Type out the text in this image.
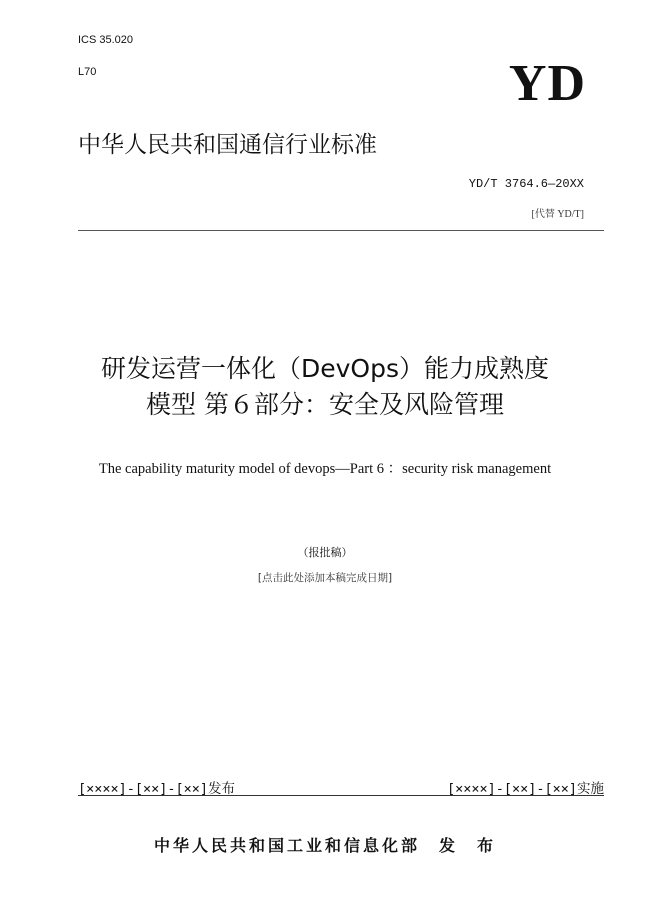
ICS 35.020
L70	YD
中华人民共和国通信行业标准
YD/T 3764.6—20XX
[代替 YD/T]
研发运营一体化（DevOps）能力成熟度
模型 第６部分：安全及风险管理
The capability maturity model of devops—Part 6 ：security risk management
（报批稿）
[点击此处添加本稿完成日期]
[××××]-[××]-[××]发布	[××××]-[××]-[××]实施
中华人民共和国工业和信息化部　发　布
